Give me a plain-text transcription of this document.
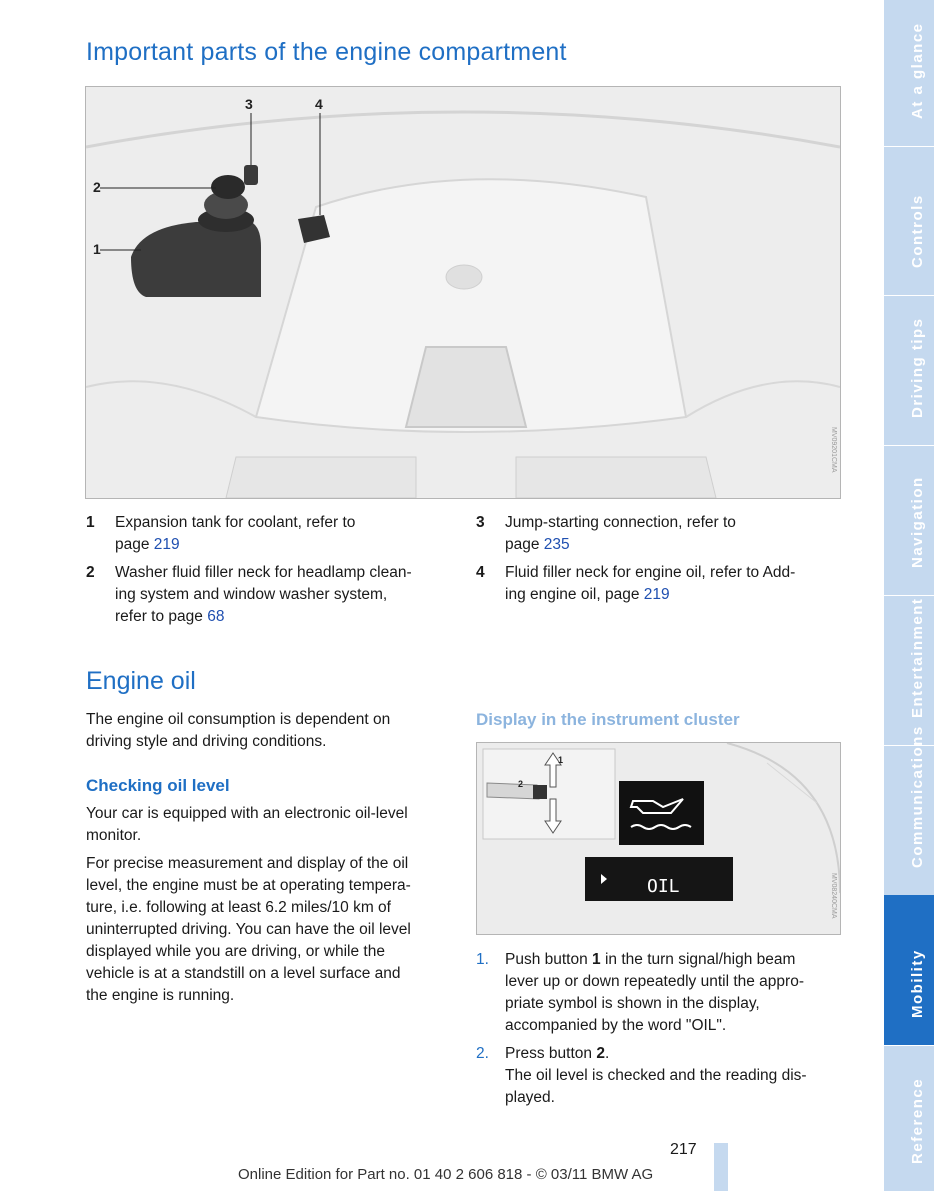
Important parts of the engine compartment
MV09201CMA
1
2
3	4
1 Expansion tank for coolant, refer to
page 219
2 Washer fluid filler neck for headlamp clean-
ing system and window washer system,
refer to page 68
3 Jump-starting connection, refer to
page 235
4 Fluid filler neck for engine oil, refer to Add-
ing engine oil, page 219
Engine oil

The engine oil consumption is dependent on
driving style and driving conditions.

Checking oil level

Your car is equipped with an electronic oil-level
monitor.

For precise measurement and display of the oil
level, the engine must be at operating tempera-
ture, i.e. following at least 6.2 miles/10 km of
uninterrupted driving. You can have the oil level
displayed while you are driving, or while the
vehicle is at a standstill on a level surface and
the engine is running.

Display in the instrument cluster
MV08240CMA
OIL
1
2
1. Push button 1 in the turn signal/high beam
lever up or down repeatedly until the appro-
priate symbol is shown in the display,
accompanied by the word "OIL".
2. Press button 2.
The oil level is checked and the reading dis-
played.
At a glance
Controls
Driving tips
Navigation
Entertainment
Communications
Mobility
Reference
217
Online Edition for Part no. 01 40 2 606 818 - © 03/11 BMW AG
